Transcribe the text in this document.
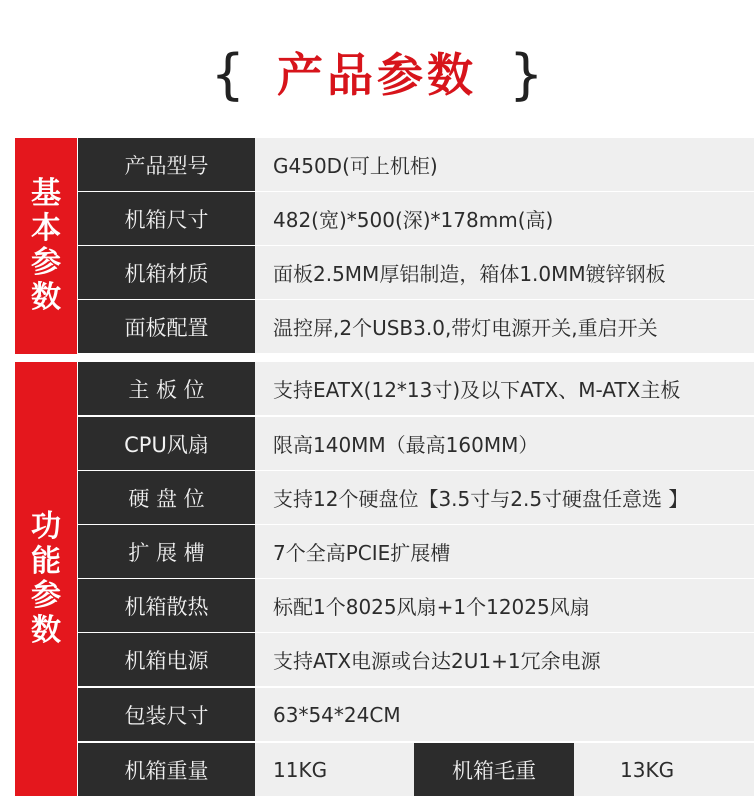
{ 产品参数 }
基
本
参
数
产品型号	G450D(可上机柜)
机箱尺寸	482(宽)*500(深)*178mm(高)
机箱材质	面板2.5MM厚铝制造，箱体1.0MM镀锌钢板
面板配置	温控屏,2个USB3.0,带灯电源开关,重启开关
功
能
参
数
主 板 位	支持EATX(12*13寸)及以下ATX、M-ATX主板
CPU风扇	限高140MM（最高160MM）
硬 盘 位	支持12个硬盘位【3.5寸与2.5寸硬盘任意选 】
扩 展 槽	7个全高PCIE扩展槽
机箱散热	标配1个8025风扇+1个12025风扇
机箱电源	支持ATX电源或台达2U1+1冗余电源
包装尺寸	63*54*24CM
机箱重量	11KG	机箱毛重	13KG
